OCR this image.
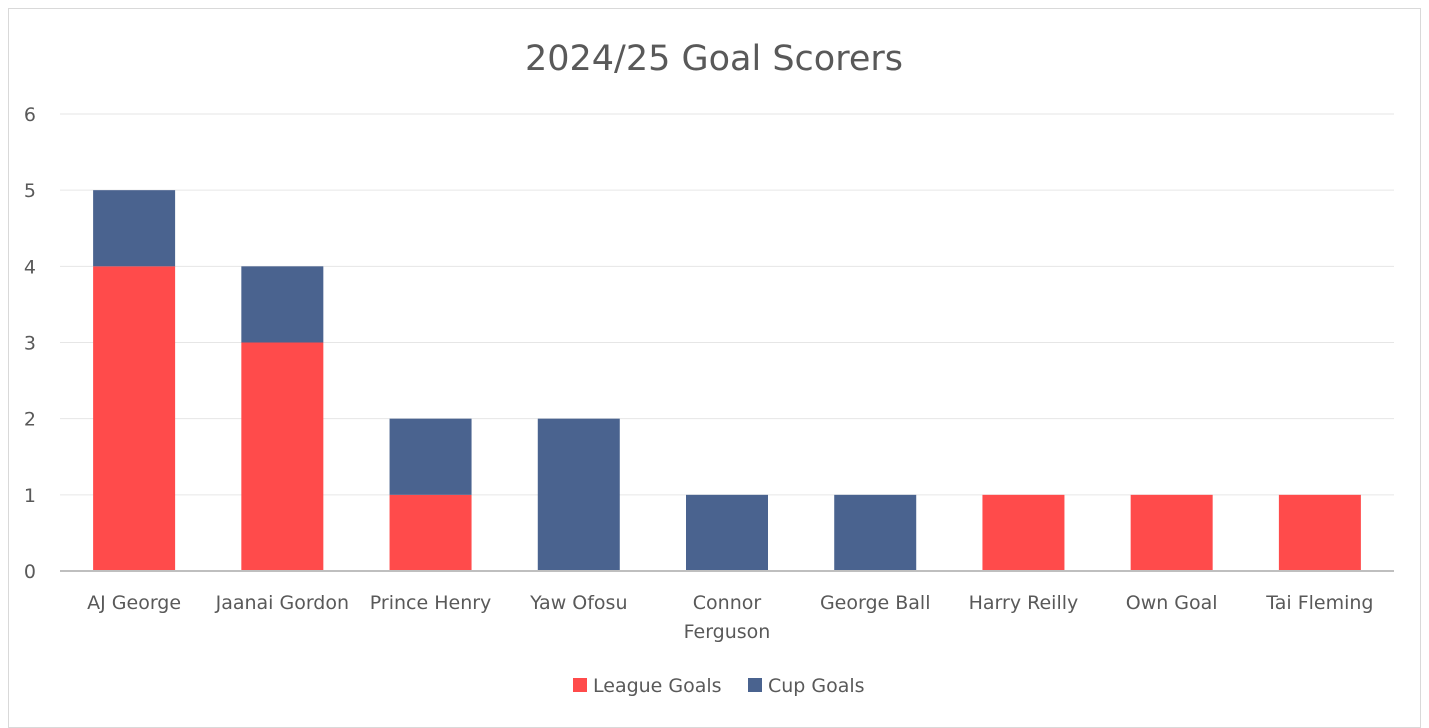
2024/25 Goal Scorers
0
1
2
3
4
5
6
AJ George Jaanai Gordon Prince Henry Yaw Ofosu	Connor
Ferguson
George Ball Harry Reilly Own Goal	Tai Fleming
League Goals Cup Goals
